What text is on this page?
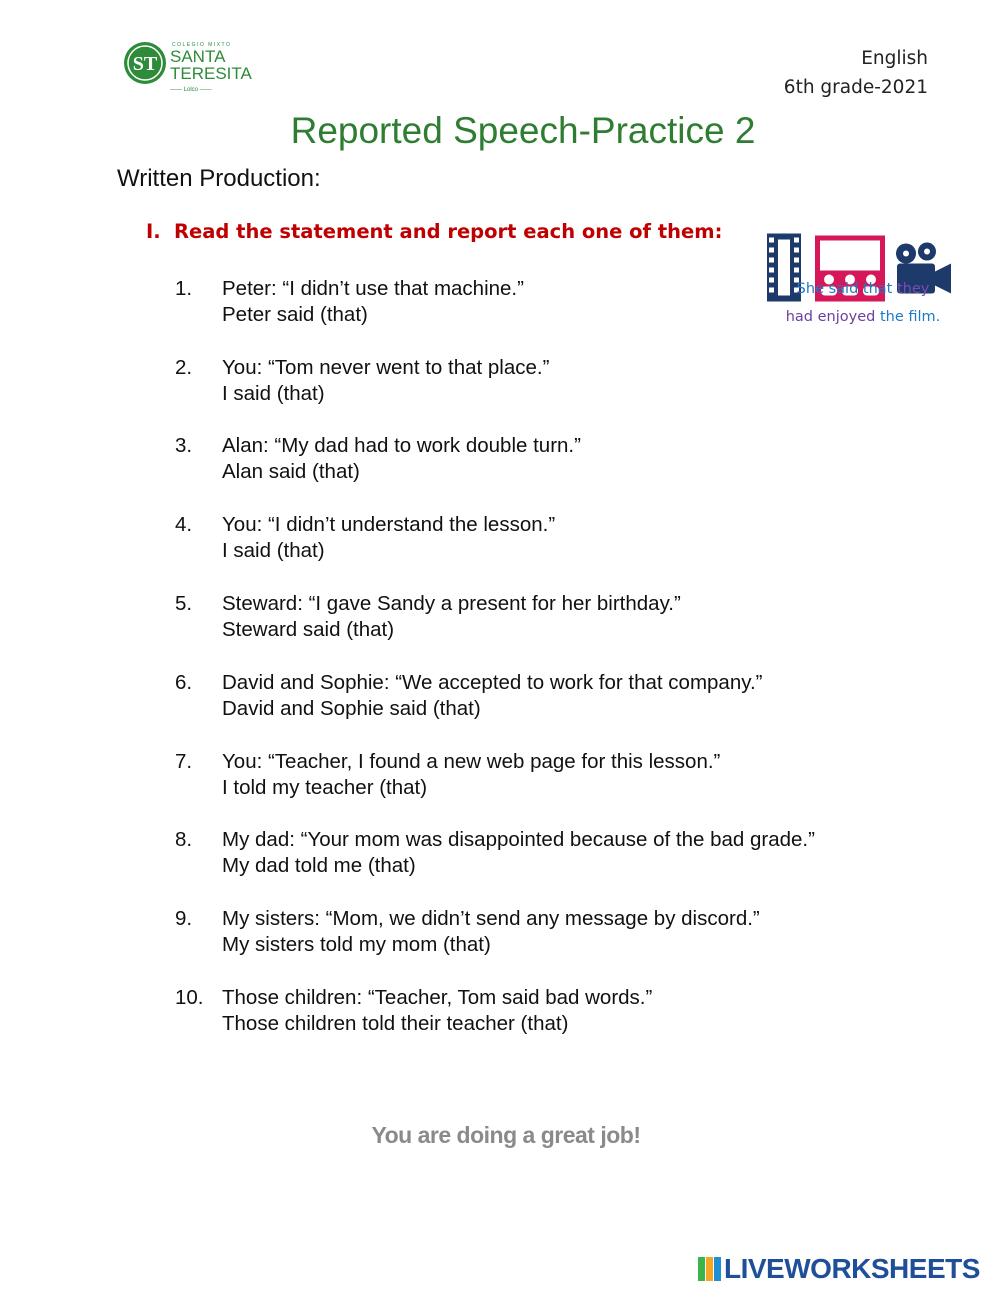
ST
COLEGIO MIXTO
SANTA
TERESITA
—— Lolco ——
English
6th grade-2021
Reported Speech-Practice 2
Written Production:
I. Read the statement and report each one of them:
She said that they
had enjoyed the film.
1.	Peter: “I didn’t use that machine.”
Peter said (that)
2.	You: “Tom never went to that place.”
I said (that)
3.	Alan: “My dad had to work double turn.”
Alan said (that)
4.	You: “I didn’t understand the lesson.”
I said (that)
5.	Steward: “I gave Sandy a present for her birthday.”
Steward said (that)
6.	David and Sophie: “We accepted to work for that company.”
David and Sophie said (that)
7.	You: “Teacher, I found a new web page for this lesson.”
I told my teacher (that)
8.	My dad: “Your mom was disappointed because of the bad grade.”
My dad told me (that)
9.	My sisters: “Mom, we didn’t send any message by discord.”
My sisters told my mom (that)
10. Those children: “Teacher, Tom said bad words.”
Those children told their teacher (that)
You are doing a great job!
LIVEWORKSHEETS
